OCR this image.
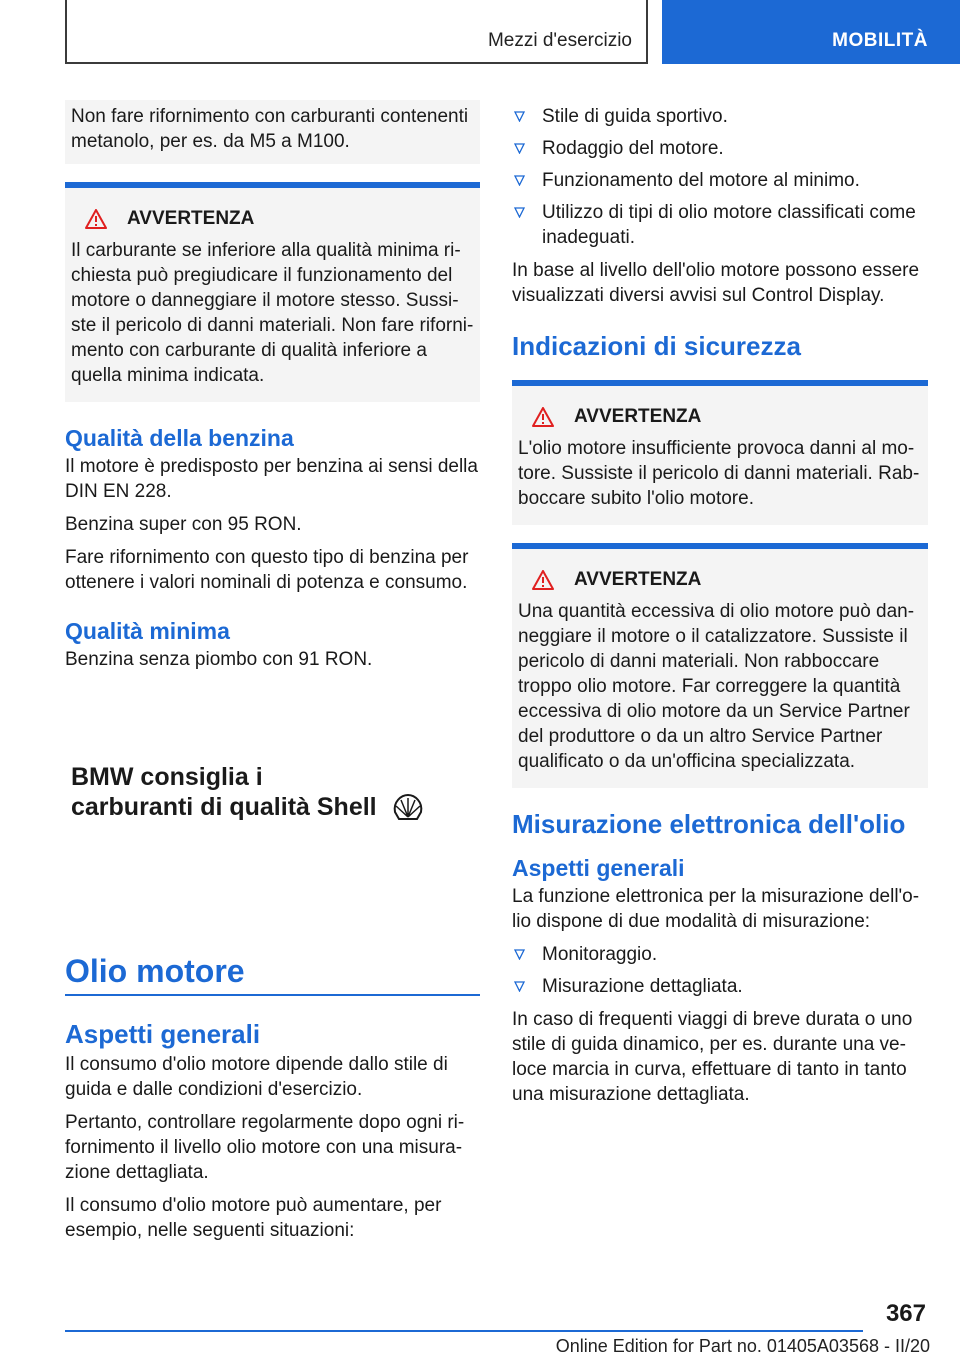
Mezzi d'esercizio	MOBILITÀ

Non fare rifornimento con carburanti contenenti metanolo, per es. da M5 a M100.

AVVERTENZA

Il carburante se inferiore alla qualità minima ri- chiesta può pregiudicare il funzionamento del motore o danneggiare il motore stesso. Sussi- ste il pericolo di danni materiali. Non fare riforni- mento con carburante di qualità inferiore a quella minima indicata.

Qualità della benzina

Il motore è predisposto per benzina ai sensi della DIN EN 228.

Benzina super con 95 RON.

Fare rifornimento con questo tipo di benzina per ottenere i valori nominali di potenza e consumo.

Qualità minima

Benzina senza piombo con 91 RON.

BMW consiglia i
carburanti di qualità Shell
Olio motore
Aspetti generali

Il consumo d'olio motore dipende dallo stile di guida e dalle condizioni d'esercizio.

Pertanto, controllare regolarmente dopo ogni ri- fornimento il livello olio motore con una misura- zione dettagliata.

Il consumo d'olio motore può aumentare, per esempio, nelle seguenti situazioni:

Stile di guida sportivo.
Rodaggio del motore.
Funzionamento del motore al minimo.
Utilizzo di tipi di olio motore classificati come inadeguati.

In base al livello dell'olio motore possono essere visualizzati diversi avvisi sul Control Display.

Indicazioni di sicurezza
AVVERTENZA

L'olio motore insufficiente provoca danni al mo- tore. Sussiste il pericolo di danni materiali. Rab- boccare subito l'olio motore.

AVVERTENZA

Una quantità eccessiva di olio motore può dan- neggiare il motore o il catalizzatore. Sussiste il pericolo di danni materiali. Non rabboccare troppo olio motore. Far correggere la quantità eccessiva di olio motore da un Service Partner del produttore o da un altro Service Partner qualificato o da un'officina specializzata.

Misurazione elettronica dell'olio
Aspetti generali

La funzione elettronica per la misurazione dell'o- lio dispone di due modalità di misurazione:

Monitoraggio.
Misurazione dettagliata.

In caso di frequenti viaggi di breve durata o uno stile di guida dinamico, per es. durante una ve- loce marcia in curva, effettuare di tanto in tanto una misurazione dettagliata.

367
Online Edition for Part no. 01405A03568 - II/20
